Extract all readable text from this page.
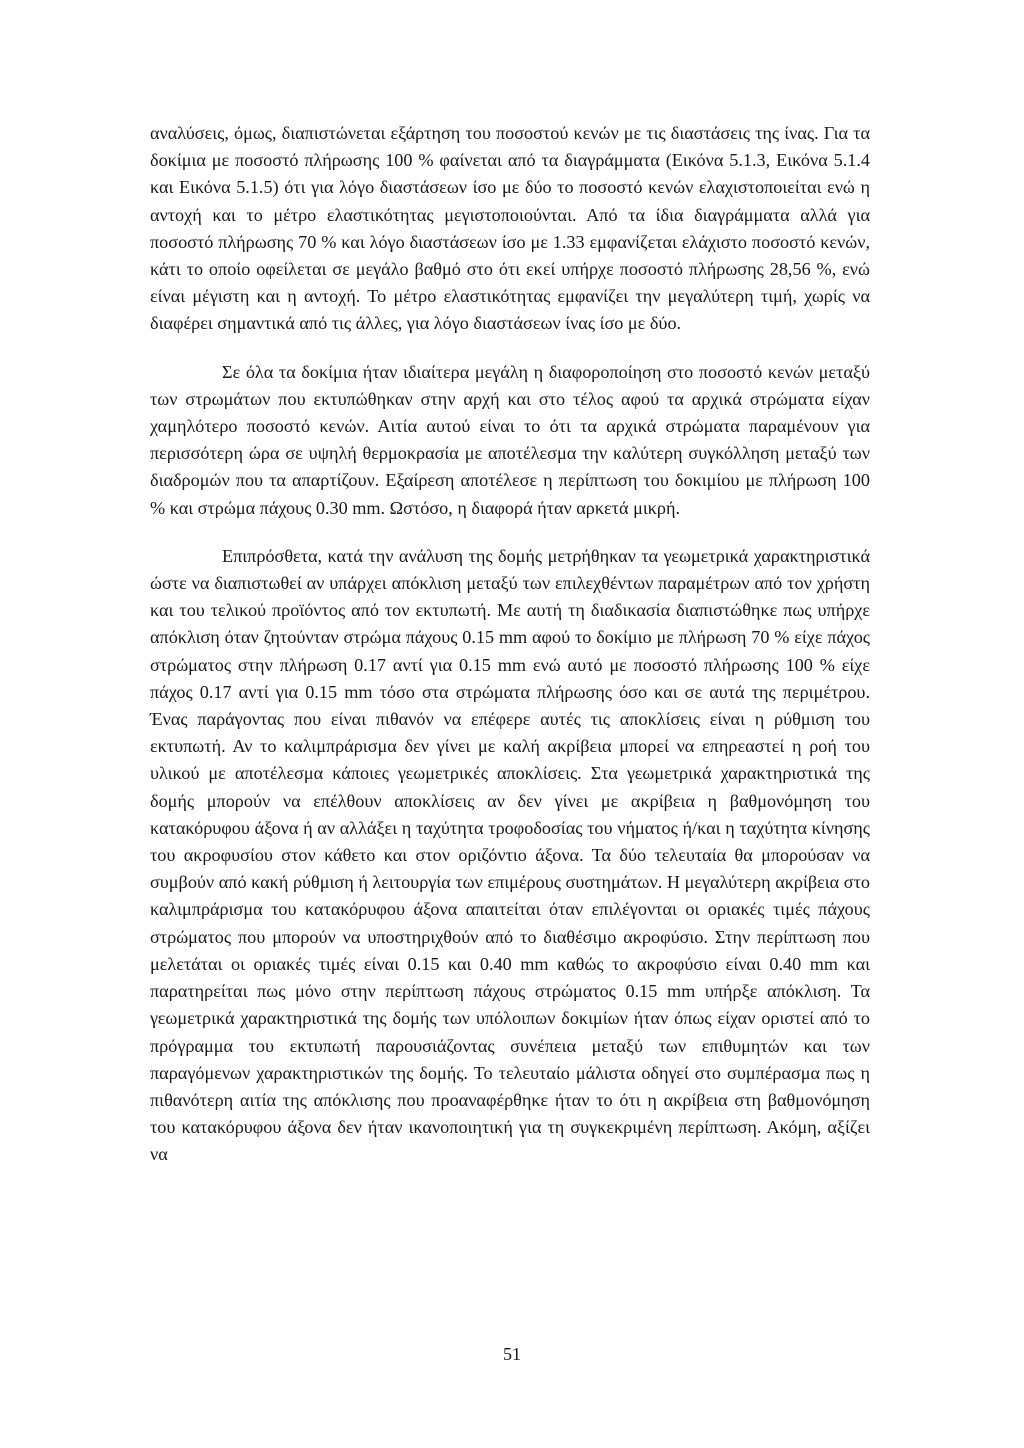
αναλύσεις, όμως, διαπιστώνεται εξάρτηση του ποσοστού κενών με τις διαστάσεις της ίνας. Για τα δοκίμια με ποσοστό πλήρωσης 100 % φαίνεται από τα διαγράμματα (Εικόνα 5.1.3, Εικόνα 5.1.4 και Εικόνα 5.1.5) ότι για λόγο διαστάσεων ίσο με δύο το ποσοστό κενών ελαχιστοποιείται ενώ η αντοχή και το μέτρο ελαστικότητας μεγιστοποιούνται. Από τα ίδια διαγράμματα αλλά για ποσοστό πλήρωσης 70 % και λόγο διαστάσεων ίσο με 1.33 εμφανίζεται ελάχιστο ποσοστό κενών, κάτι το οποίο οφείλεται σε μεγάλο βαθμό στο ότι εκεί υπήρχε ποσοστό πλήρωσης 28,56 %, ενώ είναι μέγιστη και η αντοχή. Το μέτρο ελαστικότητας εμφανίζει την μεγαλύτερη τιμή, χωρίς να διαφέρει σημαντικά από τις άλλες, για λόγο διαστάσεων ίνας ίσο με δύο.

Σε όλα τα δοκίμια ήταν ιδιαίτερα μεγάλη η διαφοροποίηση στο ποσοστό κενών μεταξύ των στρωμάτων που εκτυπώθηκαν στην αρχή και στο τέλος αφού τα αρχικά στρώματα είχαν χαμηλότερο ποσοστό κενών. Αιτία αυτού είναι το ότι τα αρχικά στρώματα παραμένουν για περισσότερη ώρα σε υψηλή θερμοκρασία με αποτέλεσμα την καλύτερη συγκόλληση μεταξύ των διαδρομών που τα απαρτίζουν. Εξαίρεση αποτέλεσε η περίπτωση του δοκιμίου με πλήρωση 100 % και στρώμα πάχους 0.30 mm. Ωστόσο, η διαφορά ήταν αρκετά μικρή.

Επιπρόσθετα, κατά την ανάλυση της δομής μετρήθηκαν τα γεωμετρικά χαρακτηριστικά ώστε να διαπιστωθεί αν υπάρχει απόκλιση μεταξύ των επιλεχθέντων παραμέτρων από τον χρήστη και του τελικού προϊόντος από τον εκτυπωτή. Με αυτή τη διαδικασία διαπιστώθηκε πως υπήρχε απόκλιση όταν ζητούνταν στρώμα πάχους 0.15 mm αφού το δοκίμιο με πλήρωση 70 % είχε πάχος στρώματος στην πλήρωση 0.17 αντί για 0.15 mm ενώ αυτό με ποσοστό πλήρωσης 100 % είχε πάχος 0.17 αντί για 0.15 mm τόσο στα στρώματα πλήρωσης όσο και σε αυτά της περιμέτρου. Ένας παράγοντας που είναι πιθανόν να επέφερε αυτές τις αποκλίσεις είναι η ρύθμιση του εκτυπωτή. Αν το καλιμπράρισμα δεν γίνει με καλή ακρίβεια μπορεί να επηρεαστεί η ροή του υλικού με αποτέλεσμα κάποιες γεωμετρικές αποκλίσεις. Στα γεωμετρικά χαρακτηριστικά της δομής μπορούν να επέλθουν αποκλίσεις αν δεν γίνει με ακρίβεια η βαθμονόμηση του κατακόρυφου άξονα ή αν αλλάξει η ταχύτητα τροφοδοσίας του νήματος ή/και η ταχύτητα κίνησης του ακροφυσίου στον κάθετο και στον οριζόντιο άξονα. Τα δύο τελευταία θα μπορούσαν να συμβούν από κακή ρύθμιση ή λειτουργία των επιμέρους συστημάτων. Η μεγαλύτερη ακρίβεια στο καλιμπράρισμα του κατακόρυφου άξονα απαιτείται όταν επιλέγονται οι οριακές τιμές πάχους στρώματος που μπορούν να υποστηριχθούν από το διαθέσιμο ακροφύσιο. Στην περίπτωση που μελετάται οι οριακές τιμές είναι 0.15 και 0.40 mm καθώς το ακροφύσιο είναι 0.40 mm και παρατηρείται πως μόνο στην περίπτωση πάχους στρώματος 0.15 mm υπήρξε απόκλιση. Τα γεωμετρικά χαρακτηριστικά της δομής των υπόλοιπων δοκιμίων ήταν όπως είχαν οριστεί από το πρόγραμμα του εκτυπωτή παρουσιάζοντας συνέπεια μεταξύ των επιθυμητών και των παραγόμενων χαρακτηριστικών της δομής. Το τελευταίο μάλιστα οδηγεί στο συμπέρασμα πως η πιθανότερη αιτία της απόκλισης που προαναφέρθηκε ήταν το ότι η ακρίβεια στη βαθμονόμηση του κατακόρυφου άξονα δεν ήταν ικανοποιητική για τη συγκεκριμένη περίπτωση. Ακόμη, αξίζει να

51
